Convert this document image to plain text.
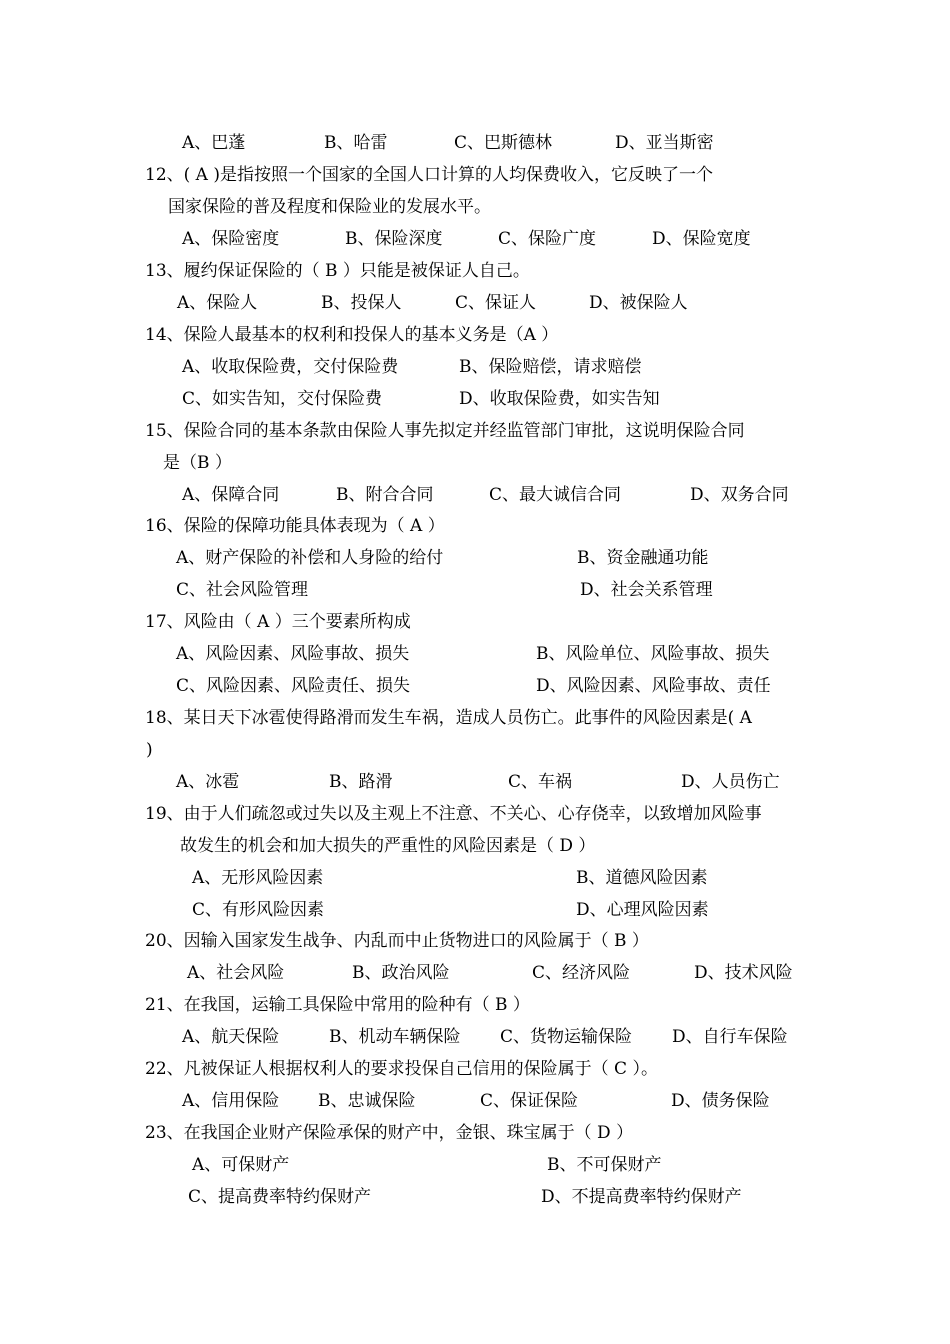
A、巴蓬	B、哈雷	C、巴斯德林	D、亚当斯密

12、( A )是指按照一个国家的全国人口计算的人均保费收入，它反映了一个

国家保险的普及程度和保险业的发展水平。

A、保险密度	B、保险深度	C、保险广度	D、保险宽度

13、履约保证保险的（ B ）只能是被保证人自己。

A、保险人	B、投保人	C、保证人	D、被保险人

14、保险人最基本的权利和投保人的基本义务是（A ）

A、收取保险费，交付保险费	B、保险赔偿，请求赔偿
C、如实告知，交付保险费	D、收取保险费，如实告知

15、保险合同的基本条款由保险人事先拟定并经监管部门审批，这说明保险合同

是（B ）

A、保障合同	B、附合合同	C、最大诚信合同	D、双务合同

16、保险的保障功能具体表现为（ A ）

A、财产保险的补偿和人身险的给付	B、资金融通功能
C、社会风险管理	D、社会关系管理

17、风险由（ A ）三个要素所构成

A、风险因素、风险事故、损失	B、风险单位、风险事故、损失
C、风险因素、风险责任、损失	D、风险因素、风险事故、责任

18、某日天下冰雹使得路滑而发生车祸，造成人员伤亡。此事件的风险因素是( A

)

A、冰雹	B、路滑	C、车祸	D、人员伤亡

19、由于人们疏忽或过失以及主观上不注意、不关心、心存侥幸，以致增加风险事

故发生的机会和加大损失的严重性的风险因素是（ D ）

A、无形风险因素	B、道德风险因素
C、有形风险因素	D、心理风险因素

20、因输入国家发生战争、内乱而中止货物进口的风险属于（ B ）

A、社会风险	B、政治风险	C、经济风险	D、技术风险

21、在我国，运输工具保险中常用的险种有（ B ）

A、航天保险	B、机动车辆保险 C、货物运输保险 D、自行车保险

22、凡被保证人根据权利人的要求投保自己信用的保险属于（ C ）。

A、信用保险 B、忠诚保险	C、保证保险	D、债务保险

23、在我国企业财产保险承保的财产中，金银、珠宝属于（ D ）

A、可保财产	B、不可保财产
C、提高费率特约保财产	D、不提高费率特约保财产
